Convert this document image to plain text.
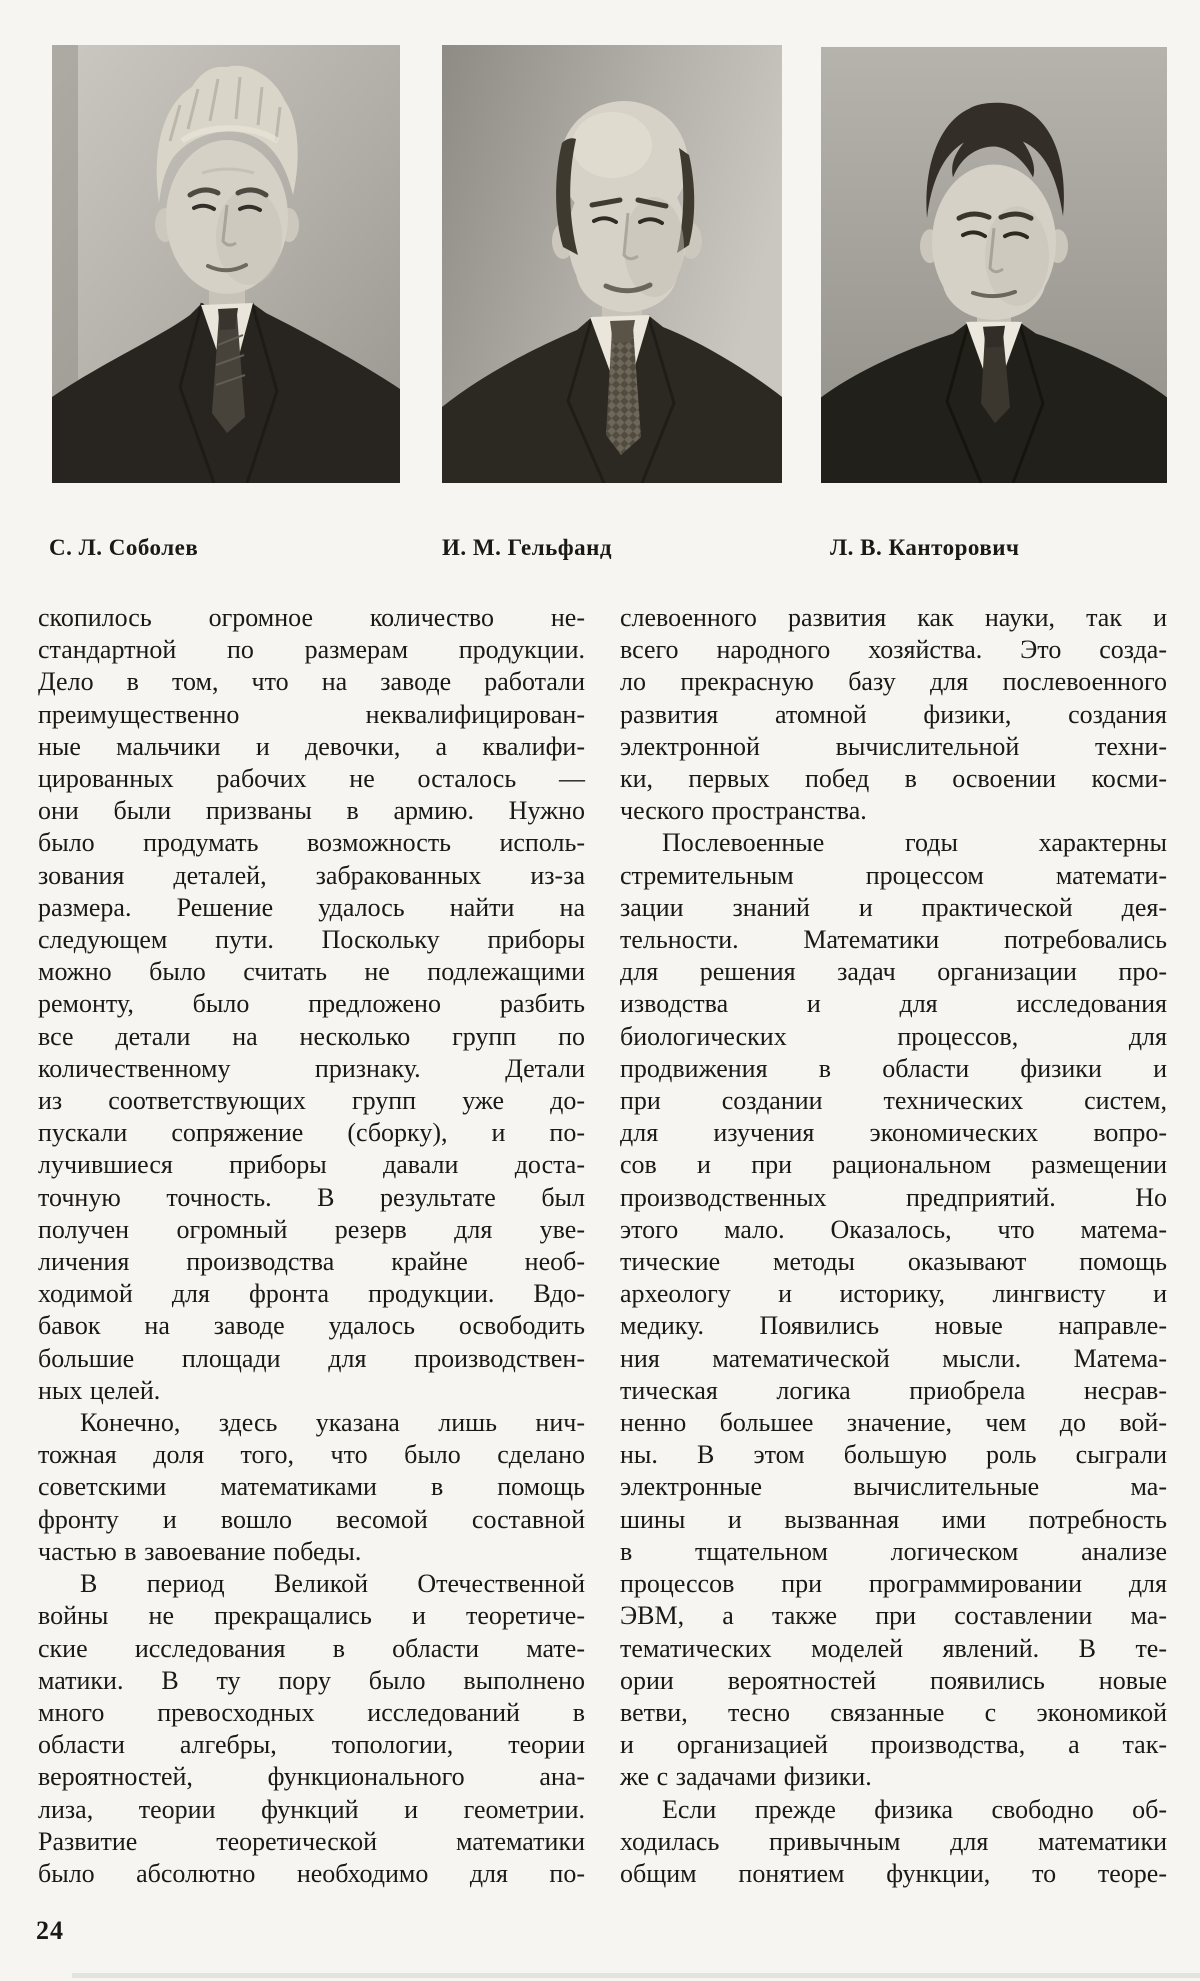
С. Л. Соболев	И. М. Гельфанд	Л. В. Канторович
скопилось огромное количество не-
стандартной по размерам продукции.
Дело в том, что на заводе работали
преимущественно неквалифицирован-
ные мальчики и девочки, а квалифи-
цированных рабочих не осталось —
они были призваны в армию. Нужно
было продумать возможность исполь-
зования деталей, забракованных из-за
размера. Решение удалось найти на
следующем пути. Поскольку приборы
можно было считать не подлежащими
ремонту, было предложено разбить
все детали на несколько групп по
количественному признаку. Детали
из соответствующих групп уже до-
пускали сопряжение (сборку), и по-
лучившиеся приборы давали доста-
точную точность. В результате был
получен огромный резерв для уве-
личения производства крайне необ-
ходимой для фронта продукции. Вдо-
бавок на заводе удалось освободить
большие площади для производствен-
ных целей.
Конечно, здесь указана лишь нич-
тожная доля того, что было сделано
советскими математиками в помощь
фронту и вошло весомой составной
частью в завоевание победы.
В период Великой Отечественной
войны не прекращались и теоретиче-
ские исследования в области мате-
матики. В ту пору было выполнено
много превосходных исследований в
области алгебры, топологии, теории
вероятностей, функционального ана-
лиза, теории функций и геометрии.
Развитие теоретической математики
было абсолютно необходимо для по-
слевоенного развития как науки, так и
всего народного хозяйства. Это созда-
ло прекрасную базу для послевоенного
развития атомной физики, создания
электронной вычислительной техни-
ки, первых побед в освоении косми-
ческого пространства.
Послевоенные годы характерны
стремительным процессом математи-
зации знаний и практической дея-
тельности. Математики потребовались
для решения задач организации про-
изводства и для исследования
биологических процессов, для
продвижения в области физики и
при создании технических систем,
для изучения экономических вопро-
сов и при рациональном размещении
производственных предприятий. Но
этого мало. Оказалось, что матема-
тические методы оказывают помощь
археологу и историку, лингвисту и
медику. Появились новые направле-
ния математической мысли. Матема-
тическая логика приобрела несрав-
ненно большее значение, чем до вой-
ны. В этом большую роль сыграли
электронные вычислительные ма-
шины и вызванная ими потребность
в тщательном логическом анализе
процессов при программировании для
ЭВМ, а также при составлении ма-
тематических моделей явлений. В те-
ории вероятностей появились новые
ветви, тесно связанные с экономикой
и организацией производства, а так-
же с задачами физики.
Если прежде физика свободно об-
ходилась привычным для математики
общим понятием функции, то теоре-
24
